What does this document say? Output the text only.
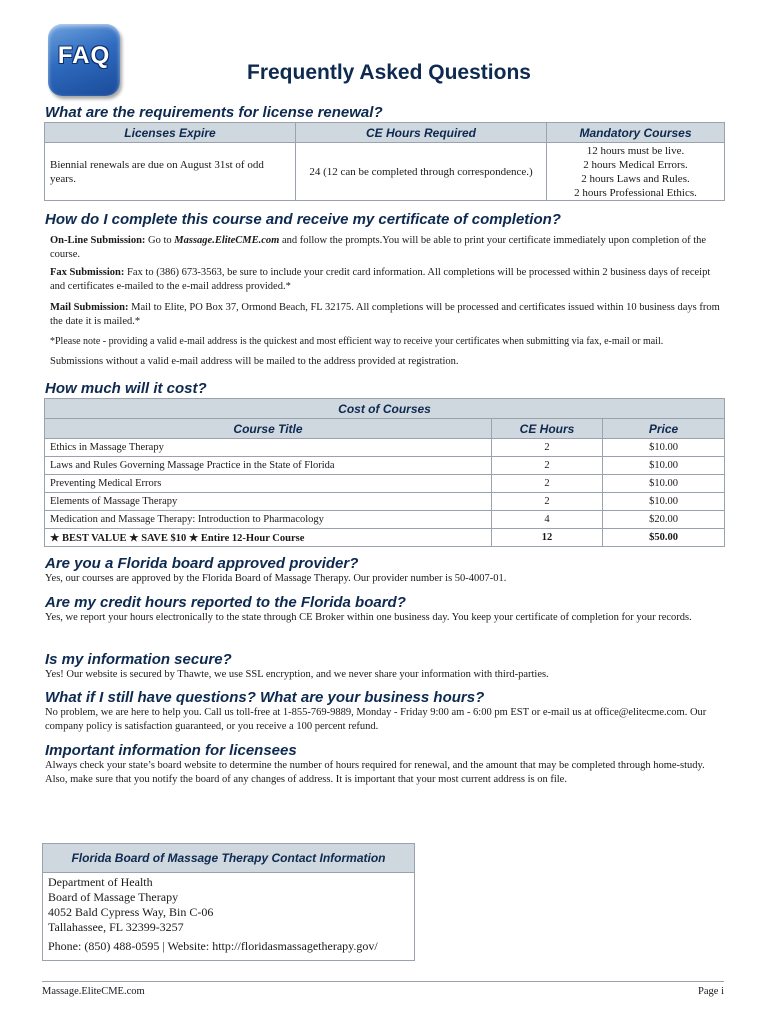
FAQ
Frequently Asked Questions
What are the requirements for license renewal?
Licenses Expire	CE Hours Required	Mandatory Courses
Biennial renewals are due on August 31st of odd years.	24 (12 can be completed through correspondence.)	12 hours must be live.
2 hours Medical Errors.
2 hours Laws and Rules.
2 hours Professional Ethics.
How do I complete this course and receive my certificate of completion?

On-Line Submission: Go to Massage.EliteCME.com and follow the prompts.You will be able to print your certificate immediately upon completion of the course.

Fax Submission: Fax to (386) 673-3563, be sure to include your credit card information. All completions will be processed within 2 business days of receipt and certificates e-mailed to the e-mail address provided.*

Mail Submission: Mail to Elite, PO Box 37, Ormond Beach, FL 32175. All completions will be processed and certificates issued within 10 business days from the date it is mailed.*

*Please note - providing a valid e-mail address is the quickest and most efficient way to receive your certificates when submitting via fax, e-mail or mail.

Submissions without a valid e-mail address will be mailed to the address provided at registration.

How much will it cost?
Cost of Courses		
Course Title	CE Hours	Price
Ethics in Massage Therapy	2	$10.00
Laws and Rules Governing Massage Practice in the State of Florida	2	$10.00
Preventing Medical Errors	2	$10.00
Elements of Massage Therapy	2	$10.00
Medication and Massage Therapy: Introduction to Pharmacology	4	$20.00
★ BEST VALUE ★ SAVE $10 ★ Entire 12-Hour Course	12	$50.00
Are you a Florida board approved provider?

Yes, our courses are approved by the Florida Board of Massage Therapy. Our provider number is 50-4007-01.

Are my credit hours reported to the Florida board?

Yes, we report your hours electronically to the state through CE Broker within one business day. You keep your certificate of completion for your records.

Is my information secure?

Yes! Our website is secured by Thawte, we use SSL encryption, and we never share your information with third-parties.

What if I still have questions? What are your business hours?

No problem, we are here to help you. Call us toll-free at 1-855-769-9889, Monday - Friday 9:00 am - 6:00 pm EST or e-mail us at office@elitecme.com. Our company policy is satisfaction guaranteed, or you receive a 100 percent refund.

Important information for licensees

Always check your state’s board website to determine the number of hours required for renewal, and the amount that may be completed through home-study. Also, make sure that you notify the board of any changes of address. It is important that your most current address is on file.

Florida Board of Massage Therapy Contact Information
Department of Health
Board of Massage Therapy
4052 Bald Cypress Way, Bin C-06
Tallahassee, FL 32399-3257
Phone: (850) 488-0595 | Website: http://floridasmassagetherapy.gov/
Massage.EliteCME.com	Page i
